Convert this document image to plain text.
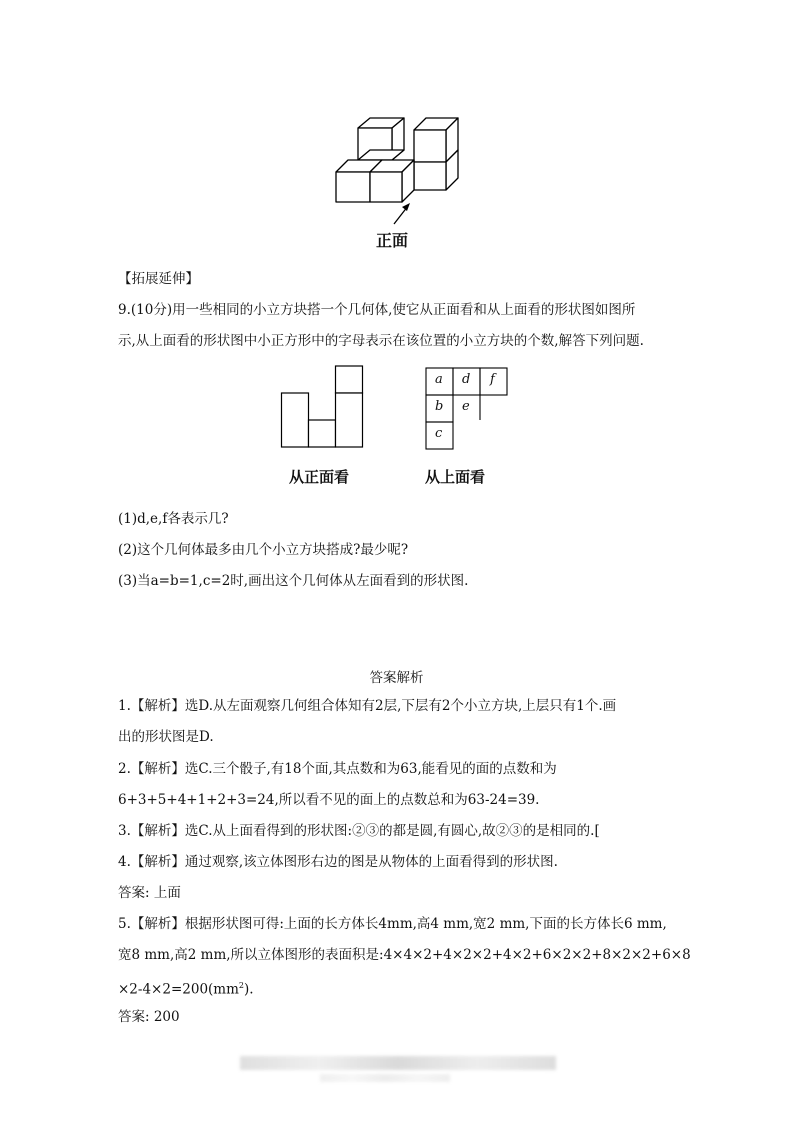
正面
【拓展延伸】
9.(10分)用一些相同的小立方块搭一个几何体,使它从正面看和从上面看的形状图如图所
示,从上面看的形状图中小正方形中的字母表示在该位置的小立方块的个数,解答下列问题.
从正面看
a d f
b e
c
从上面看
(1)d,e,f各表示几?
(2)这个几何体最多由几个小立方块搭成?最少呢?
(3)当a=b=1,c=2时,画出这个几何体从左面看到的形状图.
答案解析
1.【解析】选D.从左面观察几何组合体知有2层,下层有2个小立方块,上层只有1个.画
出的形状图是D.
2.【解析】选C.三个骰子,有18个面,其点数和为63,能看见的面的点数和为
6+3+5+4+1+2+3=24,所以看不见的面上的点数总和为63-24=39.
3.【解析】选C.从上面看得到的形状图:②③的都是圆,有圆心,故②③的是相同的.[
4.【解析】通过观察,该立体图形右边的图是从物体的上面看得到的形状图.
答案: 上面
5.【解析】根据形状图可得:上面的长方体长4mm,高4 mm,宽2 mm,下面的长方体长6 mm,
宽8 mm,高2 mm,所以立体图形的表面积是:4×4×2+4×2×2+4×2+6×2×2+8×2×2+6×8
$\times 2-4\times 2=200(mm^2)$.
答案: 200
